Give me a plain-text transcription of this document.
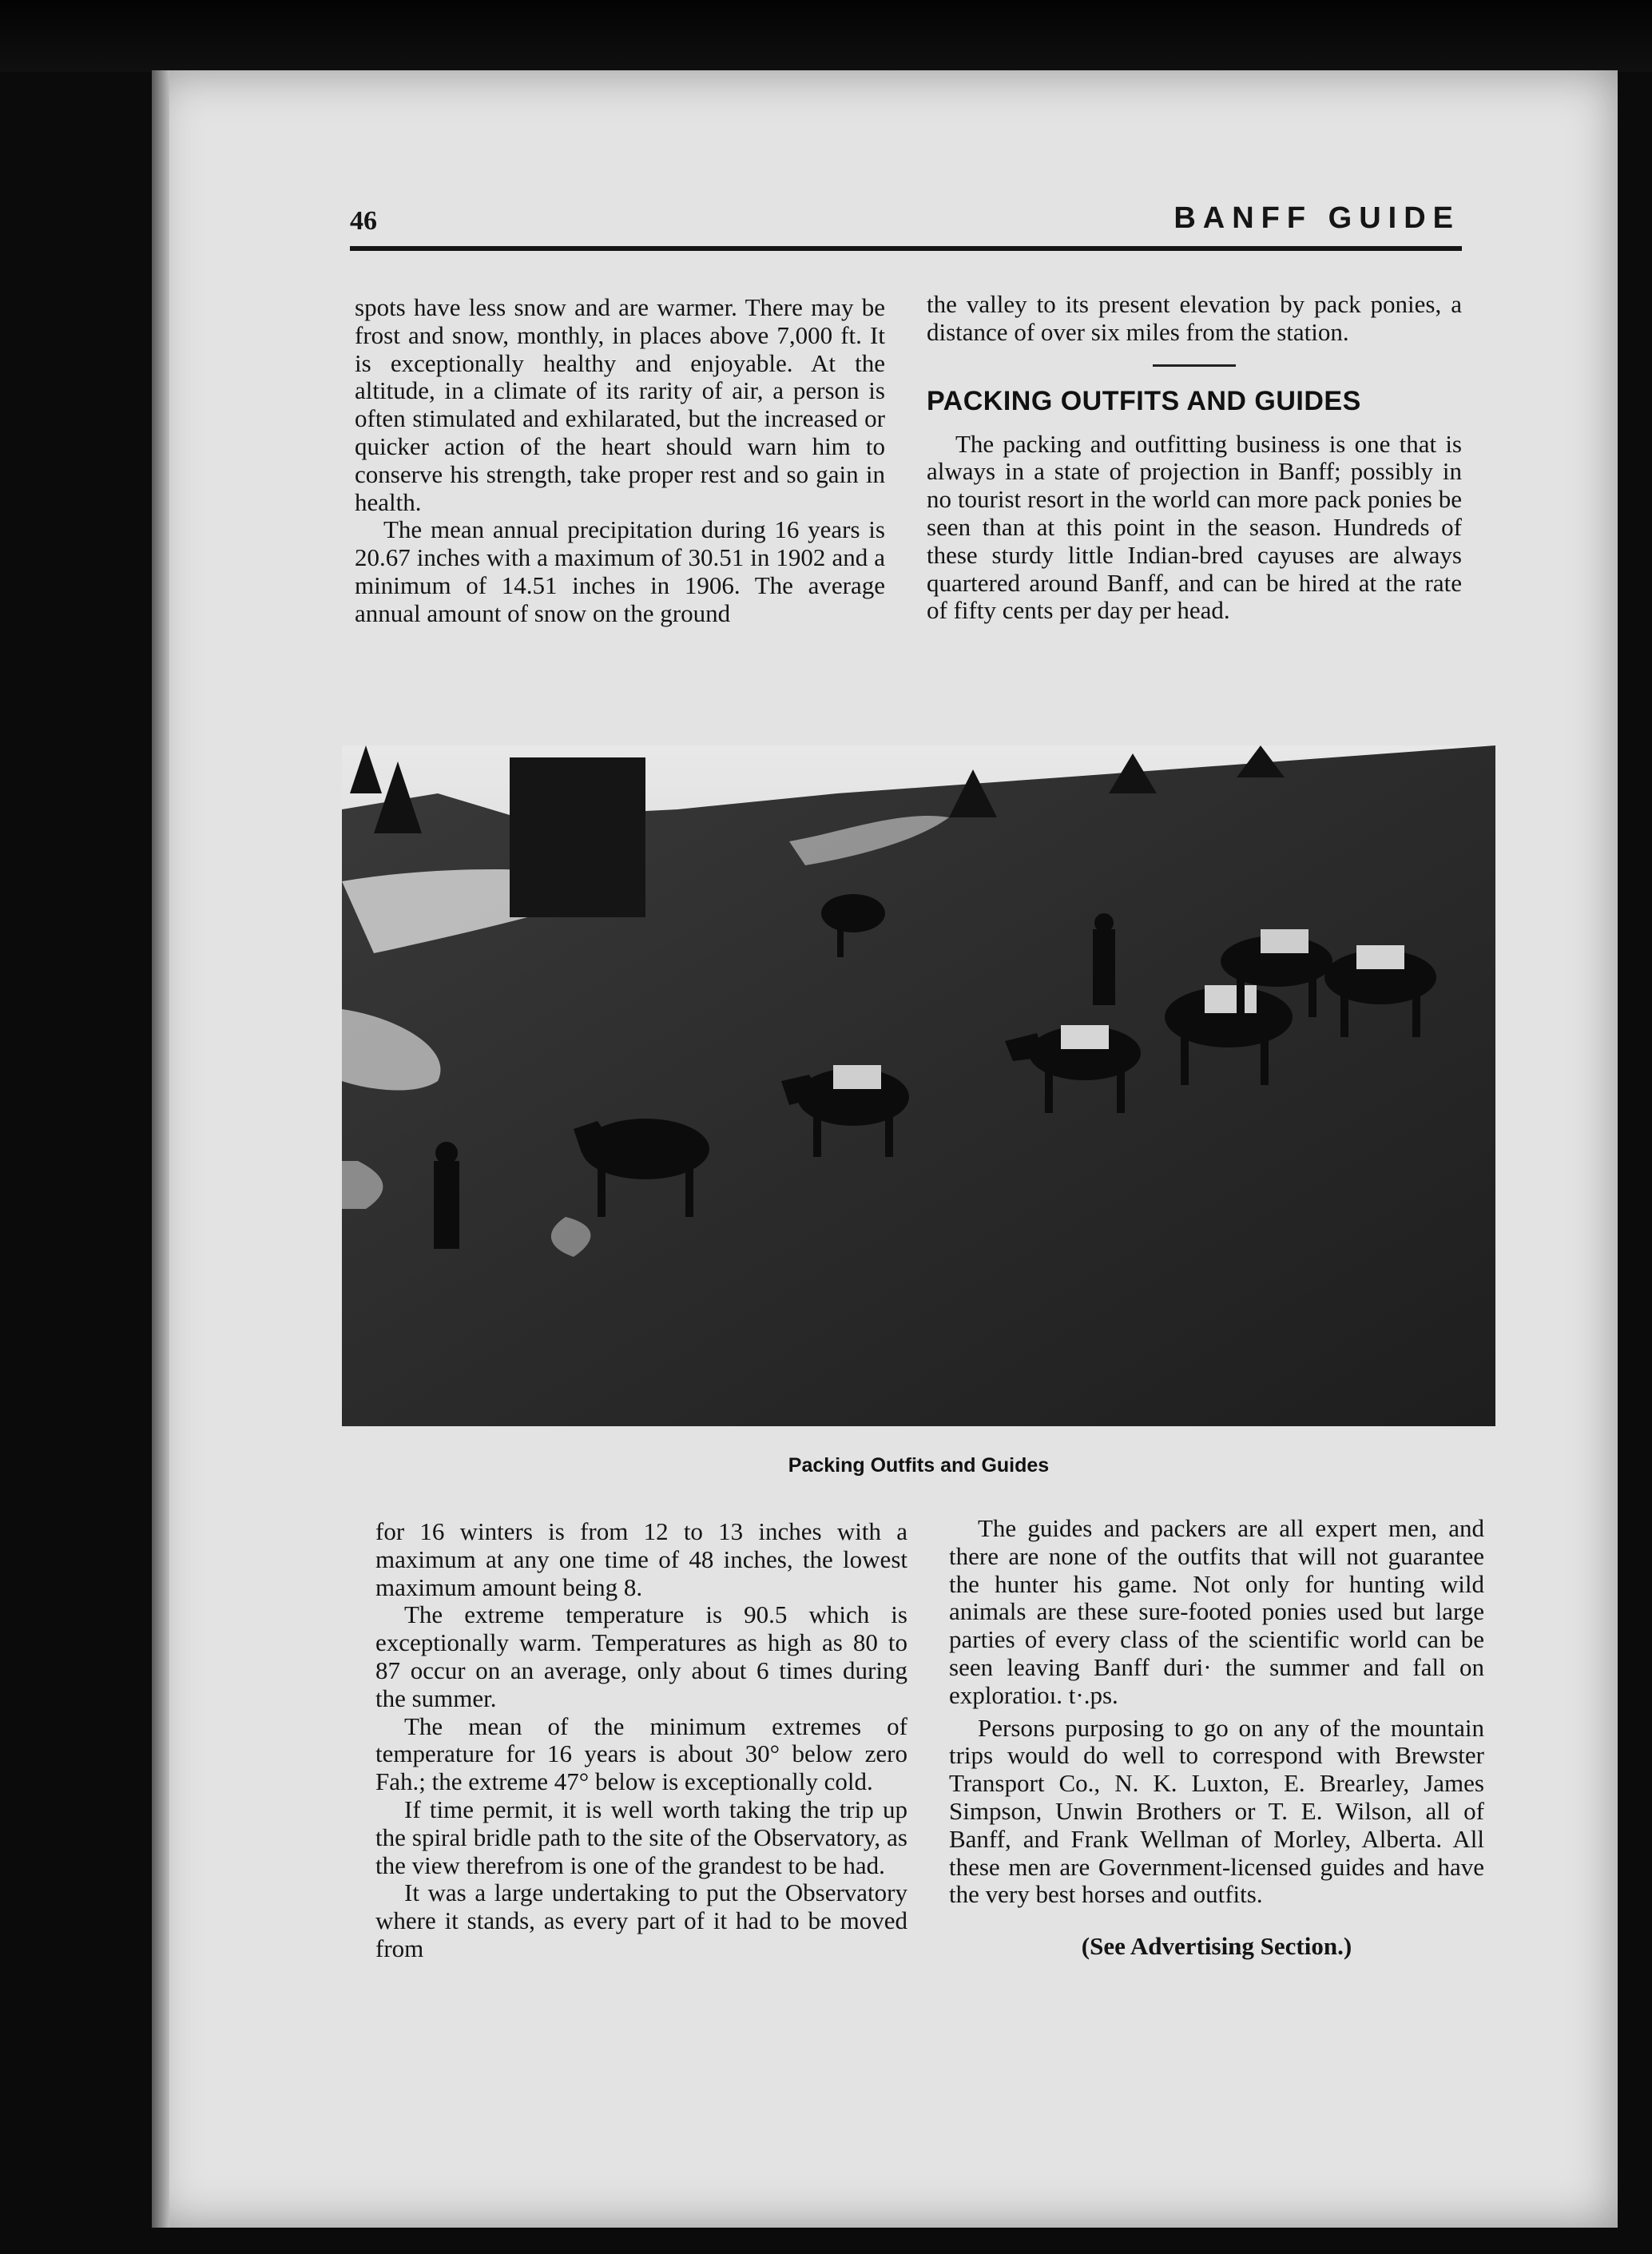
46	BANFF GUIDE

spots have less snow and are warmer. There may be frost and snow, monthly, in places above 7,000 ft. It is exceptionally healthy and enjoyable. At the altitude, in a climate of its rarity of air, a person is often stimulated and exhilarated, but the increased or quicker action of the heart should warn him to conserve his strength, take proper rest and so gain in health.

The mean annual precipitation during 16 years is 20.67 inches with a maximum of 30.51 in 1902 and a minimum of 14.51 inches in 1906. The average annual amount of snow on the ground

the valley to its present elevation by pack ponies, a distance of over six miles from the station.

PACKING OUTFITS AND GUIDES

The packing and outfitting business is one that is always in a state of projection in Banff; possibly in no tourist resort in the world can more pack ponies be seen than at this point in the season. Hundreds of these sturdy little Indian-bred cayuses are always quartered around Banff, and can be hired at the rate of fifty cents per day per head.

Packing Outfits and Guides

for 16 winters is from 12 to 13 inches with a maximum at any one time of 48 inches, the lowest maximum amount being 8.

The extreme temperature is 90.5 which is exceptionally warm. Temperatures as high as 80 to 87 occur on an average, only about 6 times during the summer.

The mean of the minimum extremes of temperature for 16 years is about 30° below zero Fah.; the extreme 47° below is exceptionally cold.

If time permit, it is well worth taking the trip up the spiral bridle path to the site of the Observatory, as the view therefrom is one of the grandest to be had.

It was a large undertaking to put the Observatory where it stands, as every part of it had to be moved from

The guides and packers are all expert men, and there are none of the outfits that will not guarantee the hunter his game. Not only for hunting wild animals are these sure-footed ponies used but large parties of every class of the scientific world can be seen leaving Banff duri· the summer and fall on exploratioı. t·.ps.

Persons purposing to go on any of the mountain trips would do well to correspond with Brewster Transport Co., N. K. Luxton, E. Brearley, James Simpson, Unwin Brothers or T. E. Wilson, all of Banff, and Frank Wellman of Morley, Alberta. All these men are Government-licensed guides and have the very best horses and outfits.

(See Advertising Section.)
